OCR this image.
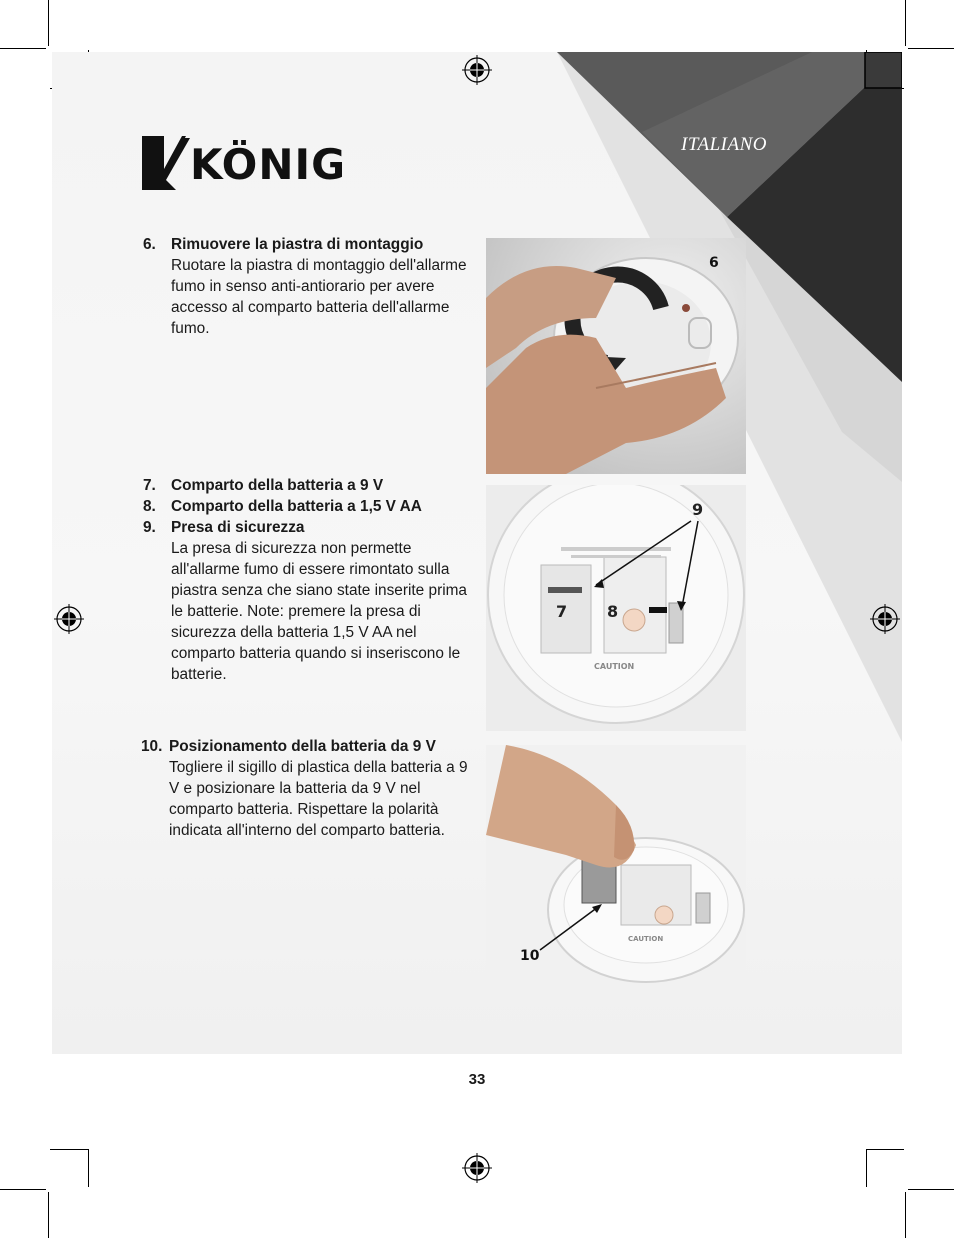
ITALIANO
KÖNIG
6. Rimuovere la piastra di montaggio
Ruotare la piastra di montaggio dell'allarme fumo in senso anti-antiorario per avere accesso al comparto batteria dell'allarme fumo.
7. Comparto della batteria a 9 V
8. Comparto della batteria a 1,5 V AA
9. Presa di sicurezza
La presa di sicurezza non permette all'allarme fumo di essere rimontato sulla piastra senza che siano state inserite prima le batterie. Note: premere la presa di sicurezza della batteria 1,5 V AA nel comparto batteria quando si inseriscono le batterie.
10. Posizionamento della batteria da 9 V
Togliere il sigillo di plastica della batteria a 9 V e posizionare la batteria da 9 V nel comparto batteria. Rispettare la polarità indicata all'interno del comparto batteria.
6
CAUTION
7 8
9
CAUTION
10
33
